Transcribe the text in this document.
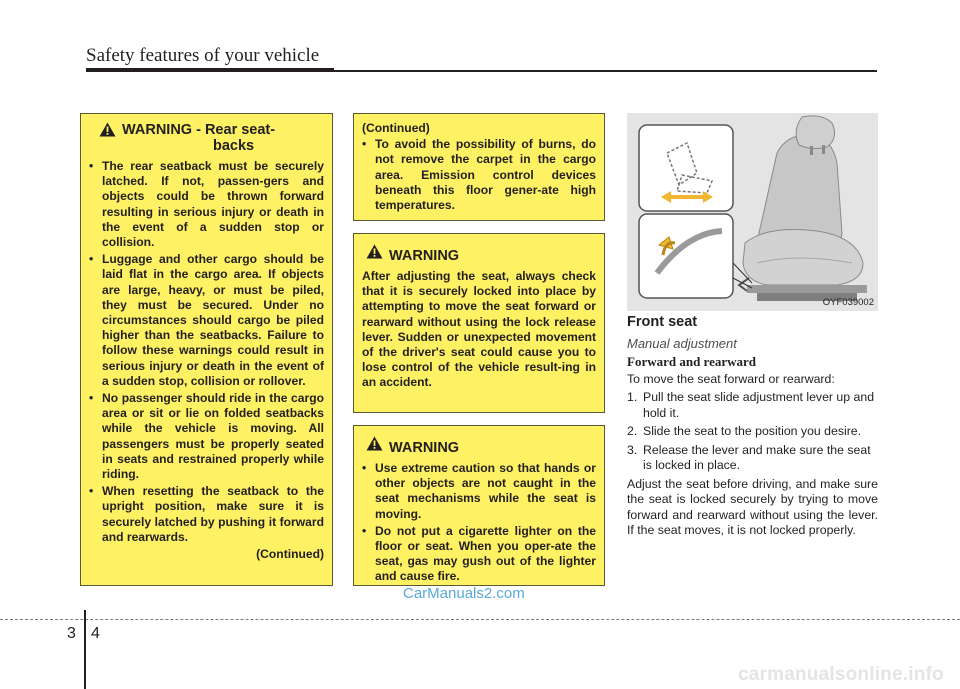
Safety features of your vehicle
WARNING - Rear seat-
backs
• The rear seatback must be securely latched. If not, passen-gers and objects could be thrown forward resulting in serious injury or death in the event of a sudden stop or collision.
• Luggage and other cargo should be laid flat in the cargo area. If objects are large, heavy, or must be piled, they must be secured. Under no circumstances should cargo be piled higher than the seatbacks. Failure to follow these warnings could result in serious injury or death in the event of a sudden stop, collision or rollover.
• No passenger should ride in the cargo area or sit or lie on folded seatbacks while the vehicle is moving. All passengers must be properly seated in seats and restrained properly while riding.
• When resetting the seatback to the upright position, make sure it is securely latched by pushing it forward and rearwards.
(Continued)
(Continued)
• To avoid the possibility of burns, do not remove the carpet in the cargo area. Emission control devices beneath this floor gener-ate high temperatures.
WARNING
After adjusting the seat, always check that it is securely locked into place by attempting to move the seat forward or rearward without using the lock release lever. Sudden or unexpected movement of the driver's seat could cause you to lose control of the vehicle result-ing in an accident.
WARNING
• Use extreme caution so that hands or other objects are not caught in the seat mechanisms while the seat is moving.
• Do not put a cigarette lighter on the floor or seat. When you oper-ate the seat, gas may gush out of the lighter and cause fire.
OYF039002
Front seat
Manual adjustment
Forward and rearward
To move the seat forward or rearward:
1. Pull the seat slide adjustment lever up and hold it.
2. Slide the seat to the position you desire.
3. Release the lever and make sure the seat is locked in place.
Adjust the seat before driving, and make sure the seat is locked securely by trying to move forward and rearward without using the lever. If the seat moves, it is not locked properly.
CarManuals2.com
3 4
carmanualsonline.info
